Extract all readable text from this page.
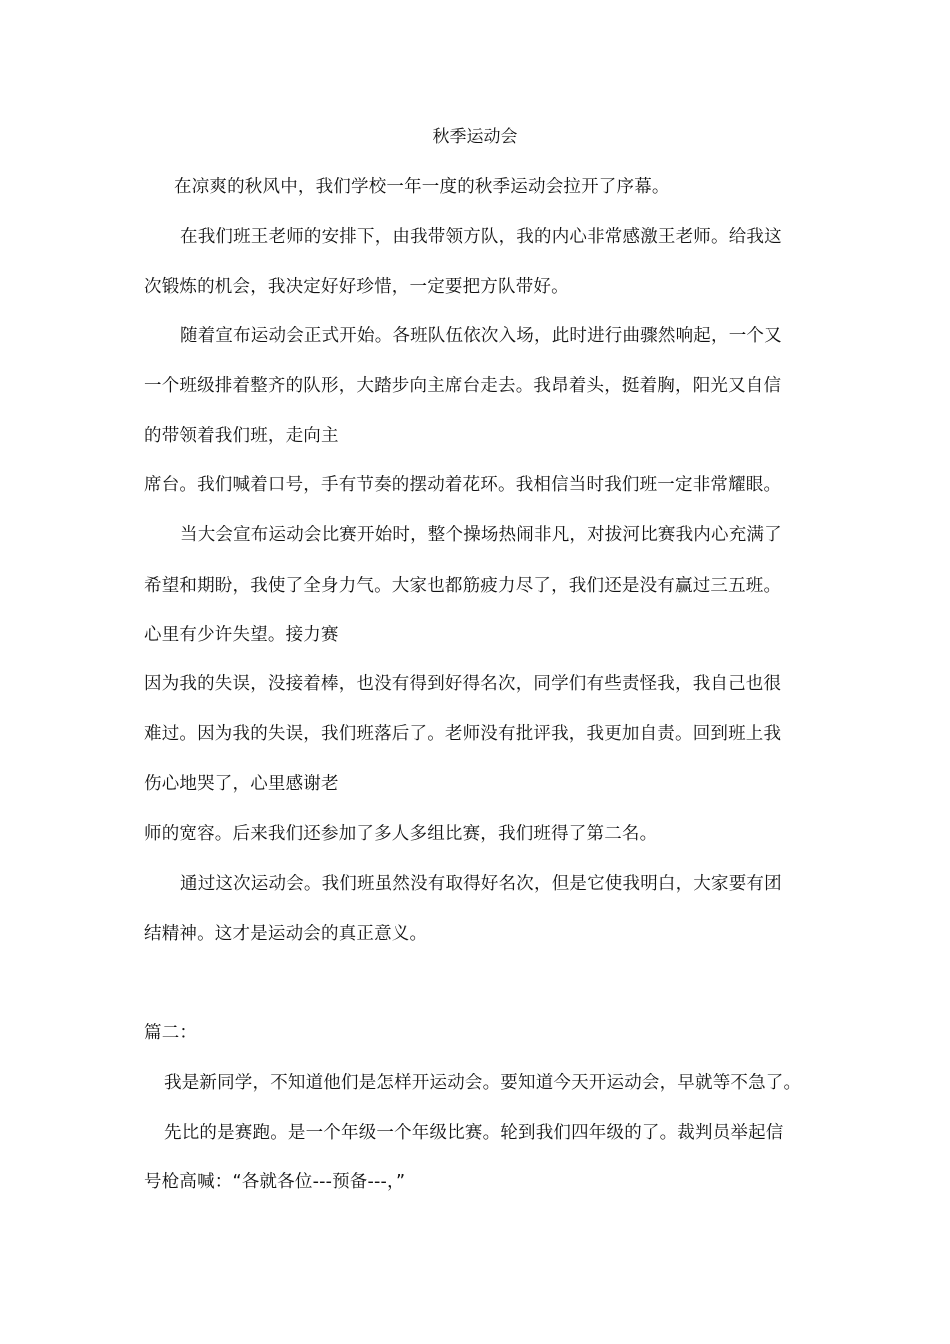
秋季运动会
在凉爽的秋风中，我们学校一年一度的秋季运动会拉开了序幕。
在我们班王老师的安排下，由我带领方队，我的内心非常感激王老师。给我这
次锻炼的机会，我决定好好珍惜，一定要把方队带好。
随着宣布运动会正式开始。各班队伍依次入场，此时进行曲骤然响起，一个又
一个班级排着整齐的队形，大踏步向主席台走去。我昂着头，挺着胸，阳光又自信
的带领着我们班，走向主
席台。我们喊着口号，手有节奏的摆动着花环。我相信当时我们班一定非常耀眼。
当大会宣布运动会比赛开始时，整个操场热闹非凡，对拔河比赛我内心充满了
希望和期盼，我使了全身力气。大家也都筋疲力尽了，我们还是没有赢过三五班。
心里有少许失望。接力赛
因为我的失误，没接着棒，也没有得到好得名次，同学们有些责怪我，我自己也很
难过。因为我的失误，我们班落后了。老师没有批评我，我更加自责。回到班上我
伤心地哭了，心里感谢老
师的宽容。后来我们还参加了多人多组比赛，我们班得了第二名。
通过这次运动会。我们班虽然没有取得好名次，但是它使我明白，大家要有团
结精神。这才是运动会的真正意义。
篇二：
我是新同学，不知道他们是怎样开运动会。要知道今天开运动会，早就等不急了。
先比的是赛跑。是一个年级一个年级比赛。轮到我们四年级的了。裁判员举起信
号枪高喊：“各就各位---预备---，”
